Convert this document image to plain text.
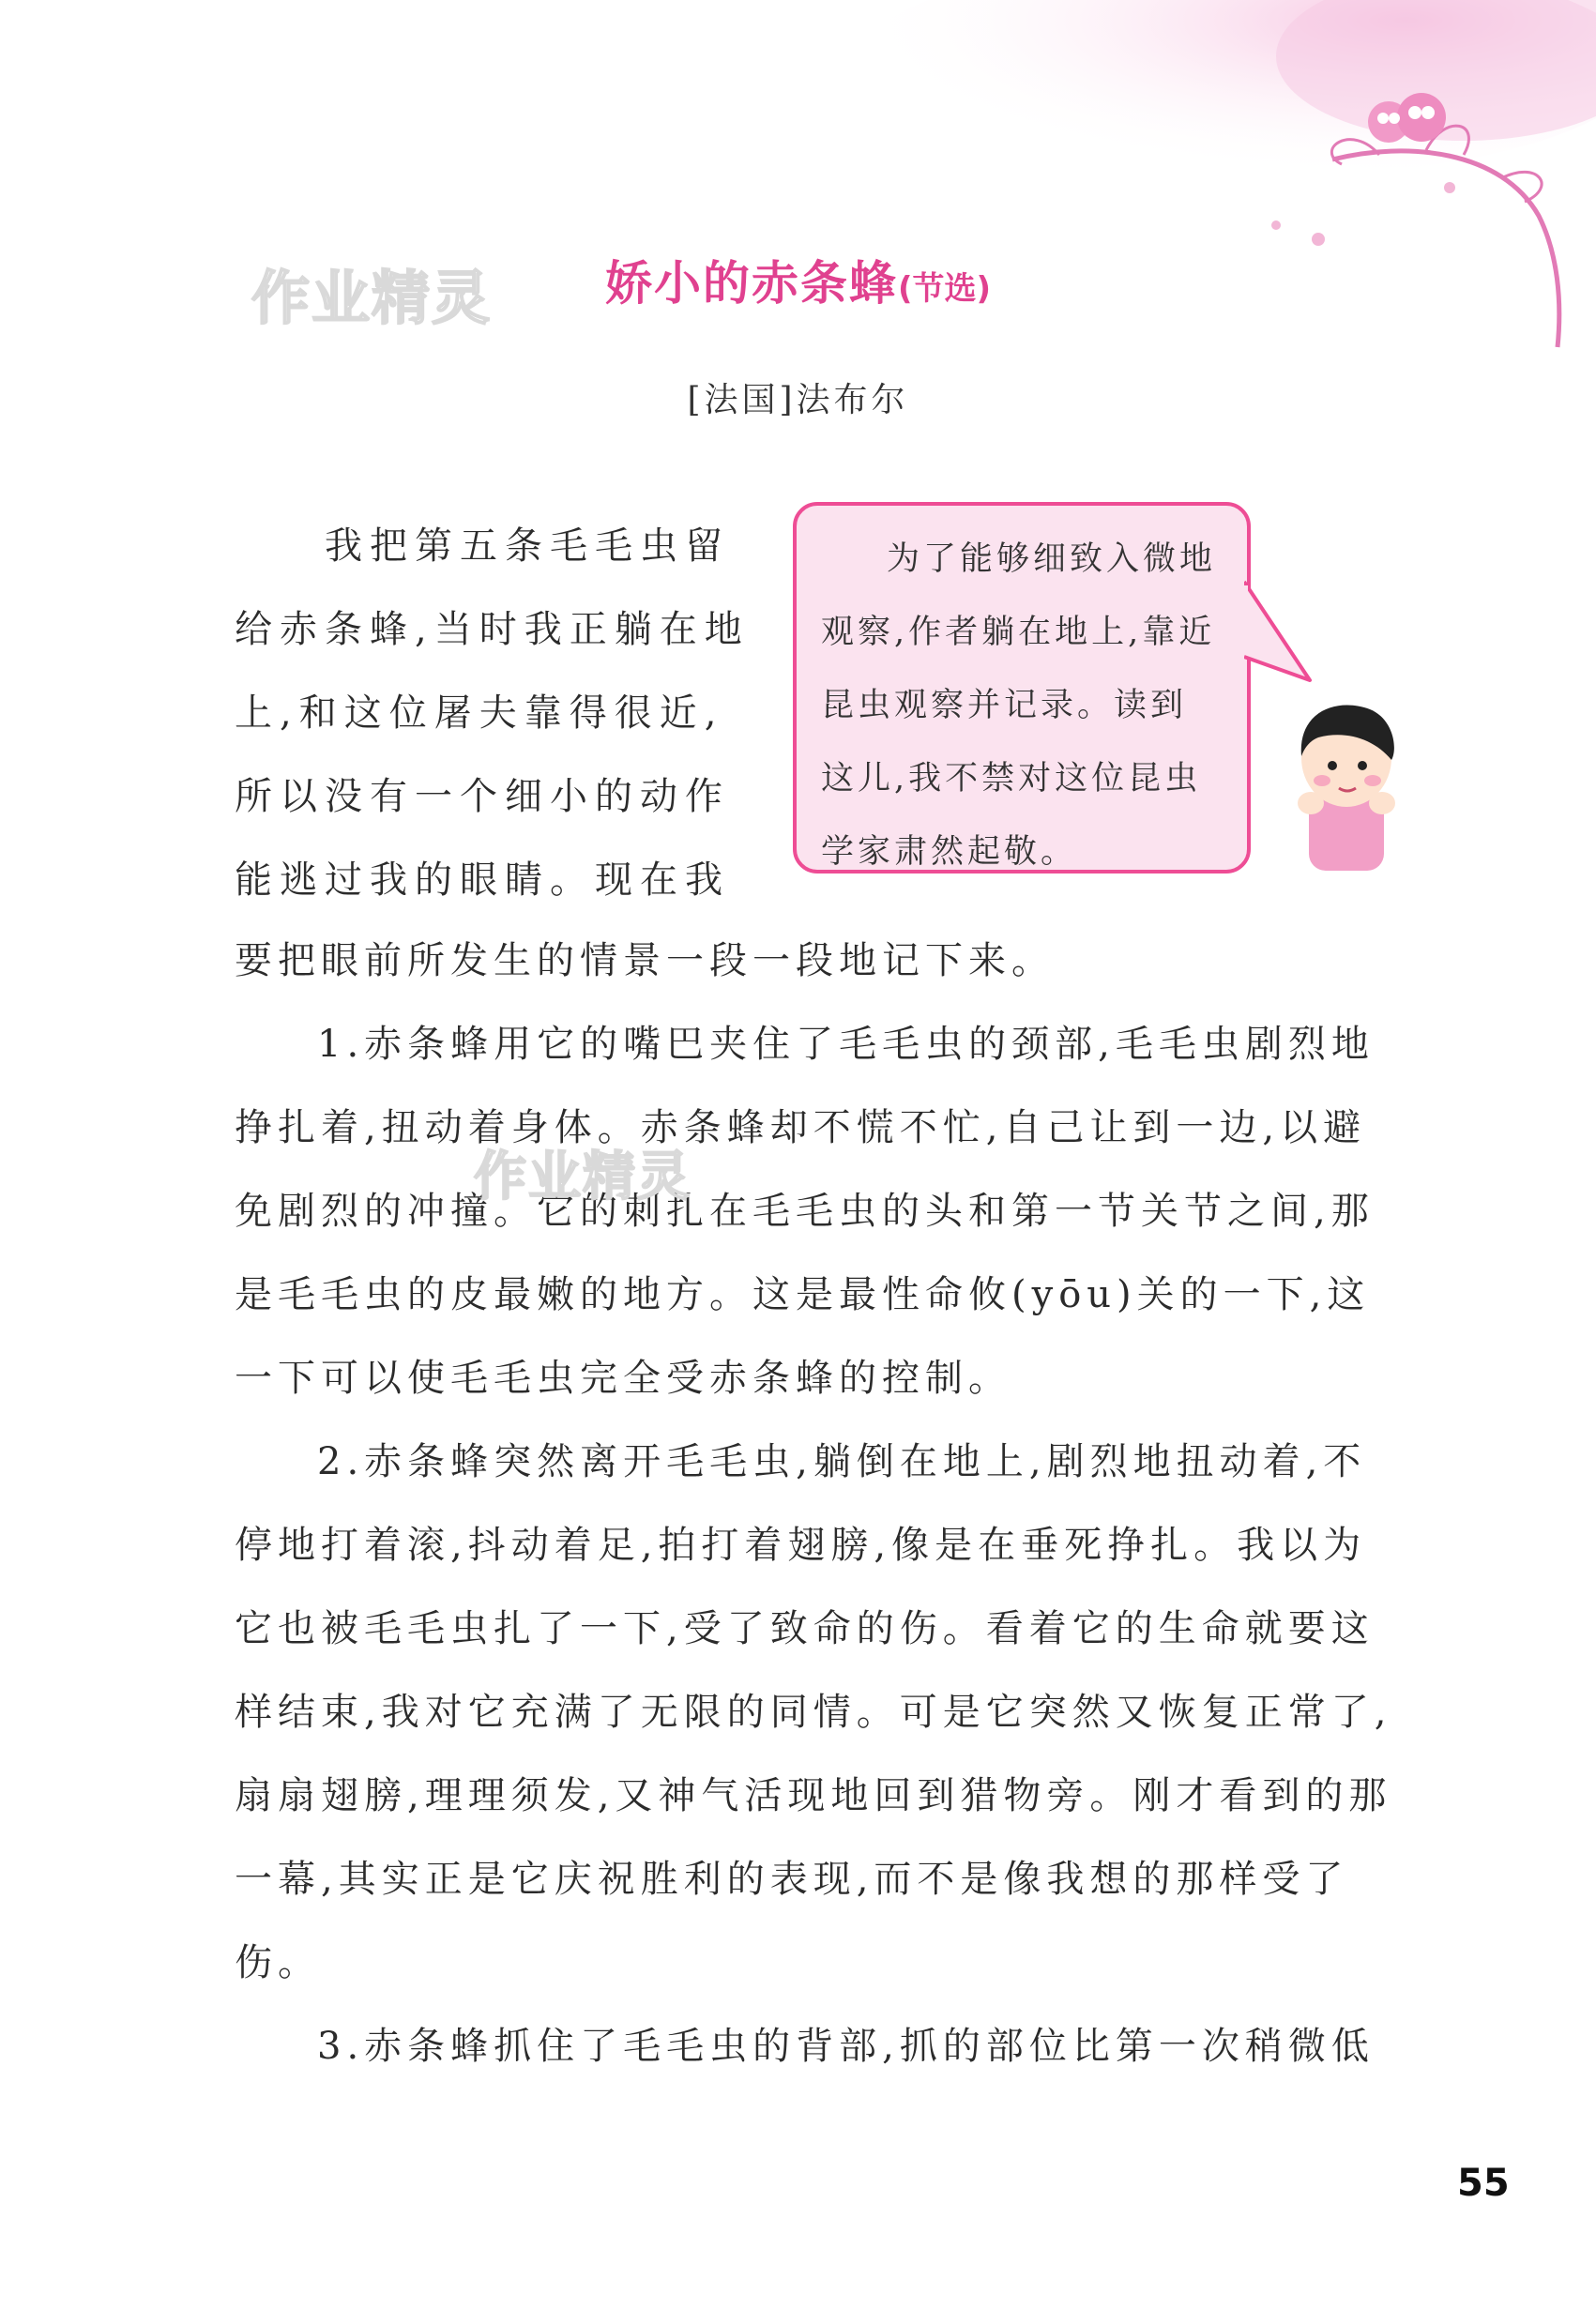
作业精灵	娇小的赤条蜂(节选)
[法国]法布尔
我把第五条毛毛虫留给赤条蜂,当时我正躺在地上,和这位屠夫靠得很近,所以没有一个细小的动作能逃过我的眼睛。现在我
为了能够细致入微地观察,作者躺在地上,靠近昆虫观察并记录。读到这儿,我不禁对这位昆虫学家肃然起敬。

要把眼前所发生的情景一段一段地记下来。

1.赤条蜂用它的嘴巴夹住了毛毛虫的颈部,毛毛虫剧烈地挣扎着,扭动着身体。赤条蜂却不慌不忙,自己让到一边,以避免剧烈的冲撞。它的刺扎在毛毛虫的头和第一节关节之间,那是毛毛虫的皮最嫩的地方。这是最性命攸(yōu)关的一下,这一下可以使毛毛虫完全受赤条蜂的控制。

2.赤条蜂突然离开毛毛虫,躺倒在地上,剧烈地扭动着,不停地打着滚,抖动着足,拍打着翅膀,像是在垂死挣扎。我以为它也被毛毛虫扎了一下,受了致命的伤。看着它的生命就要这样结束,我对它充满了无限的同情。可是它突然又恢复正常了,扇扇翅膀,理理须发,又神气活现地回到猎物旁。刚才看到的那一幕,其实正是它庆祝胜利的表现,而不是像我想的那样受了伤。

3.赤条蜂抓住了毛毛虫的背部,抓的部位比第一次稍微低

作业精灵
55
